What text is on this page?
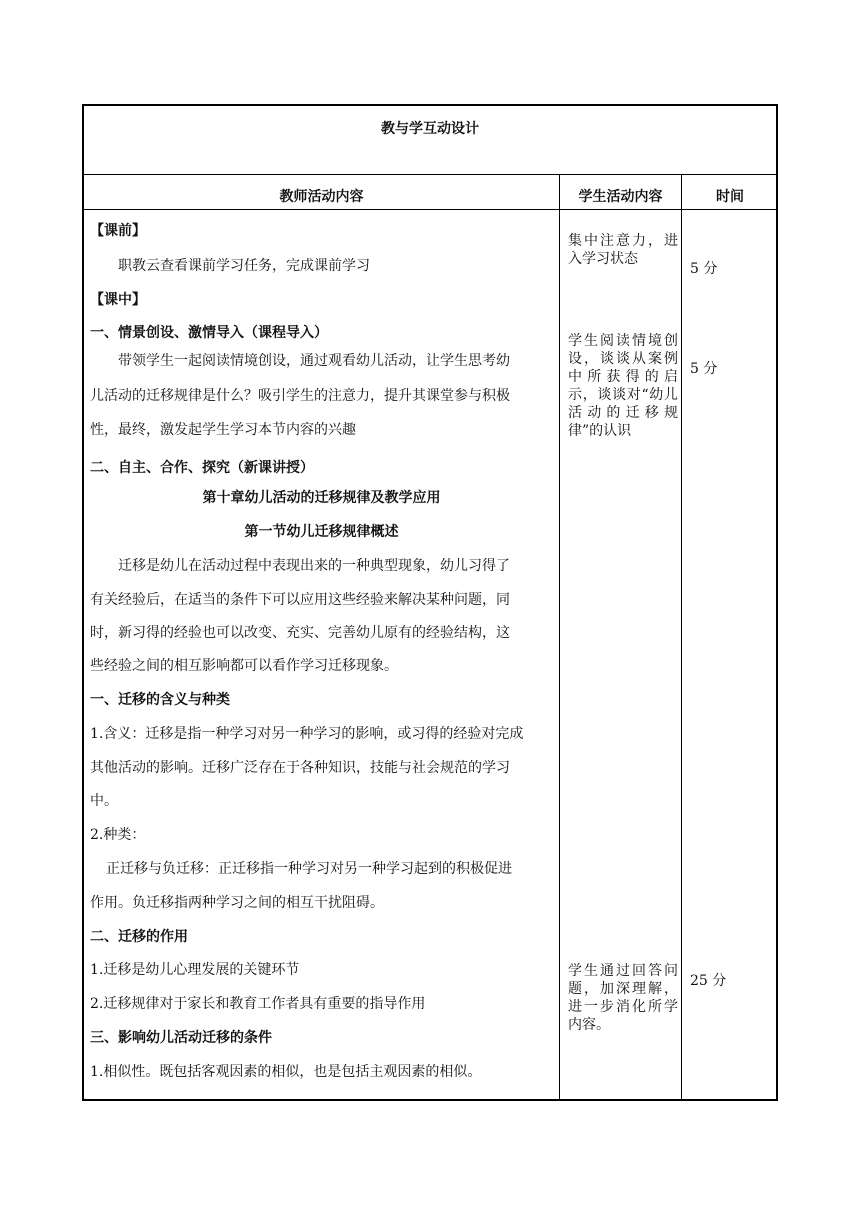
教与学互动设计
教师活动内容	学生活动内容	时间
【课前】
职教云查看课前学习任务，完成课前学习
【课中】
一、情景创设、激情导入（课程导入）
带领学生一起阅读情境创设，通过观看幼儿活动，让学生思考幼
儿活动的迁移规律是什么？吸引学生的注意力，提升其课堂参与积极
性，最终，激发起学生学习本节内容的兴趣
二、自主、合作、探究（新课讲授）
第十章幼儿活动的迁移规律及教学应用
第一节幼儿迁移规律概述
迁移是幼儿在活动过程中表现出来的一种典型现象，幼儿习得了
有关经验后，在适当的条件下可以应用这些经验来解决某种问题，同
时，新习得的经验也可以改变、充实、完善幼儿原有的经验结构，这
些经验之间的相互影响都可以看作学习迁移现象。
一、迁移的含义与种类
1.含义：迁移是指一种学习对另一种学习的影响，或习得的经验对完成
其他活动的影响。迁移广泛存在于各种知识，技能与社会规范的学习
中。
2.种类：
正迁移与负迁移：正迁移指一种学习对另一种学习起到的积极促进
作用。负迁移指两种学习之间的相互干扰阻碍。
二、迁移的作用
1.迁移是幼儿心理发展的关键环节
2.迁移规律对于家长和教育工作者具有重要的指导作用
三、影响幼儿活动迁移的条件
1.相似性。既包括客观因素的相似，也是包括主观因素的相似。
集中注意力，进入学习状态
学生阅读情境创设，谈谈从案例中所获得的启示，谈谈对“幼儿活动的迁移规律”的认识
学生通过回答问题，加深理解，进一步消化所学内容。
5 分
5 分
25 分
